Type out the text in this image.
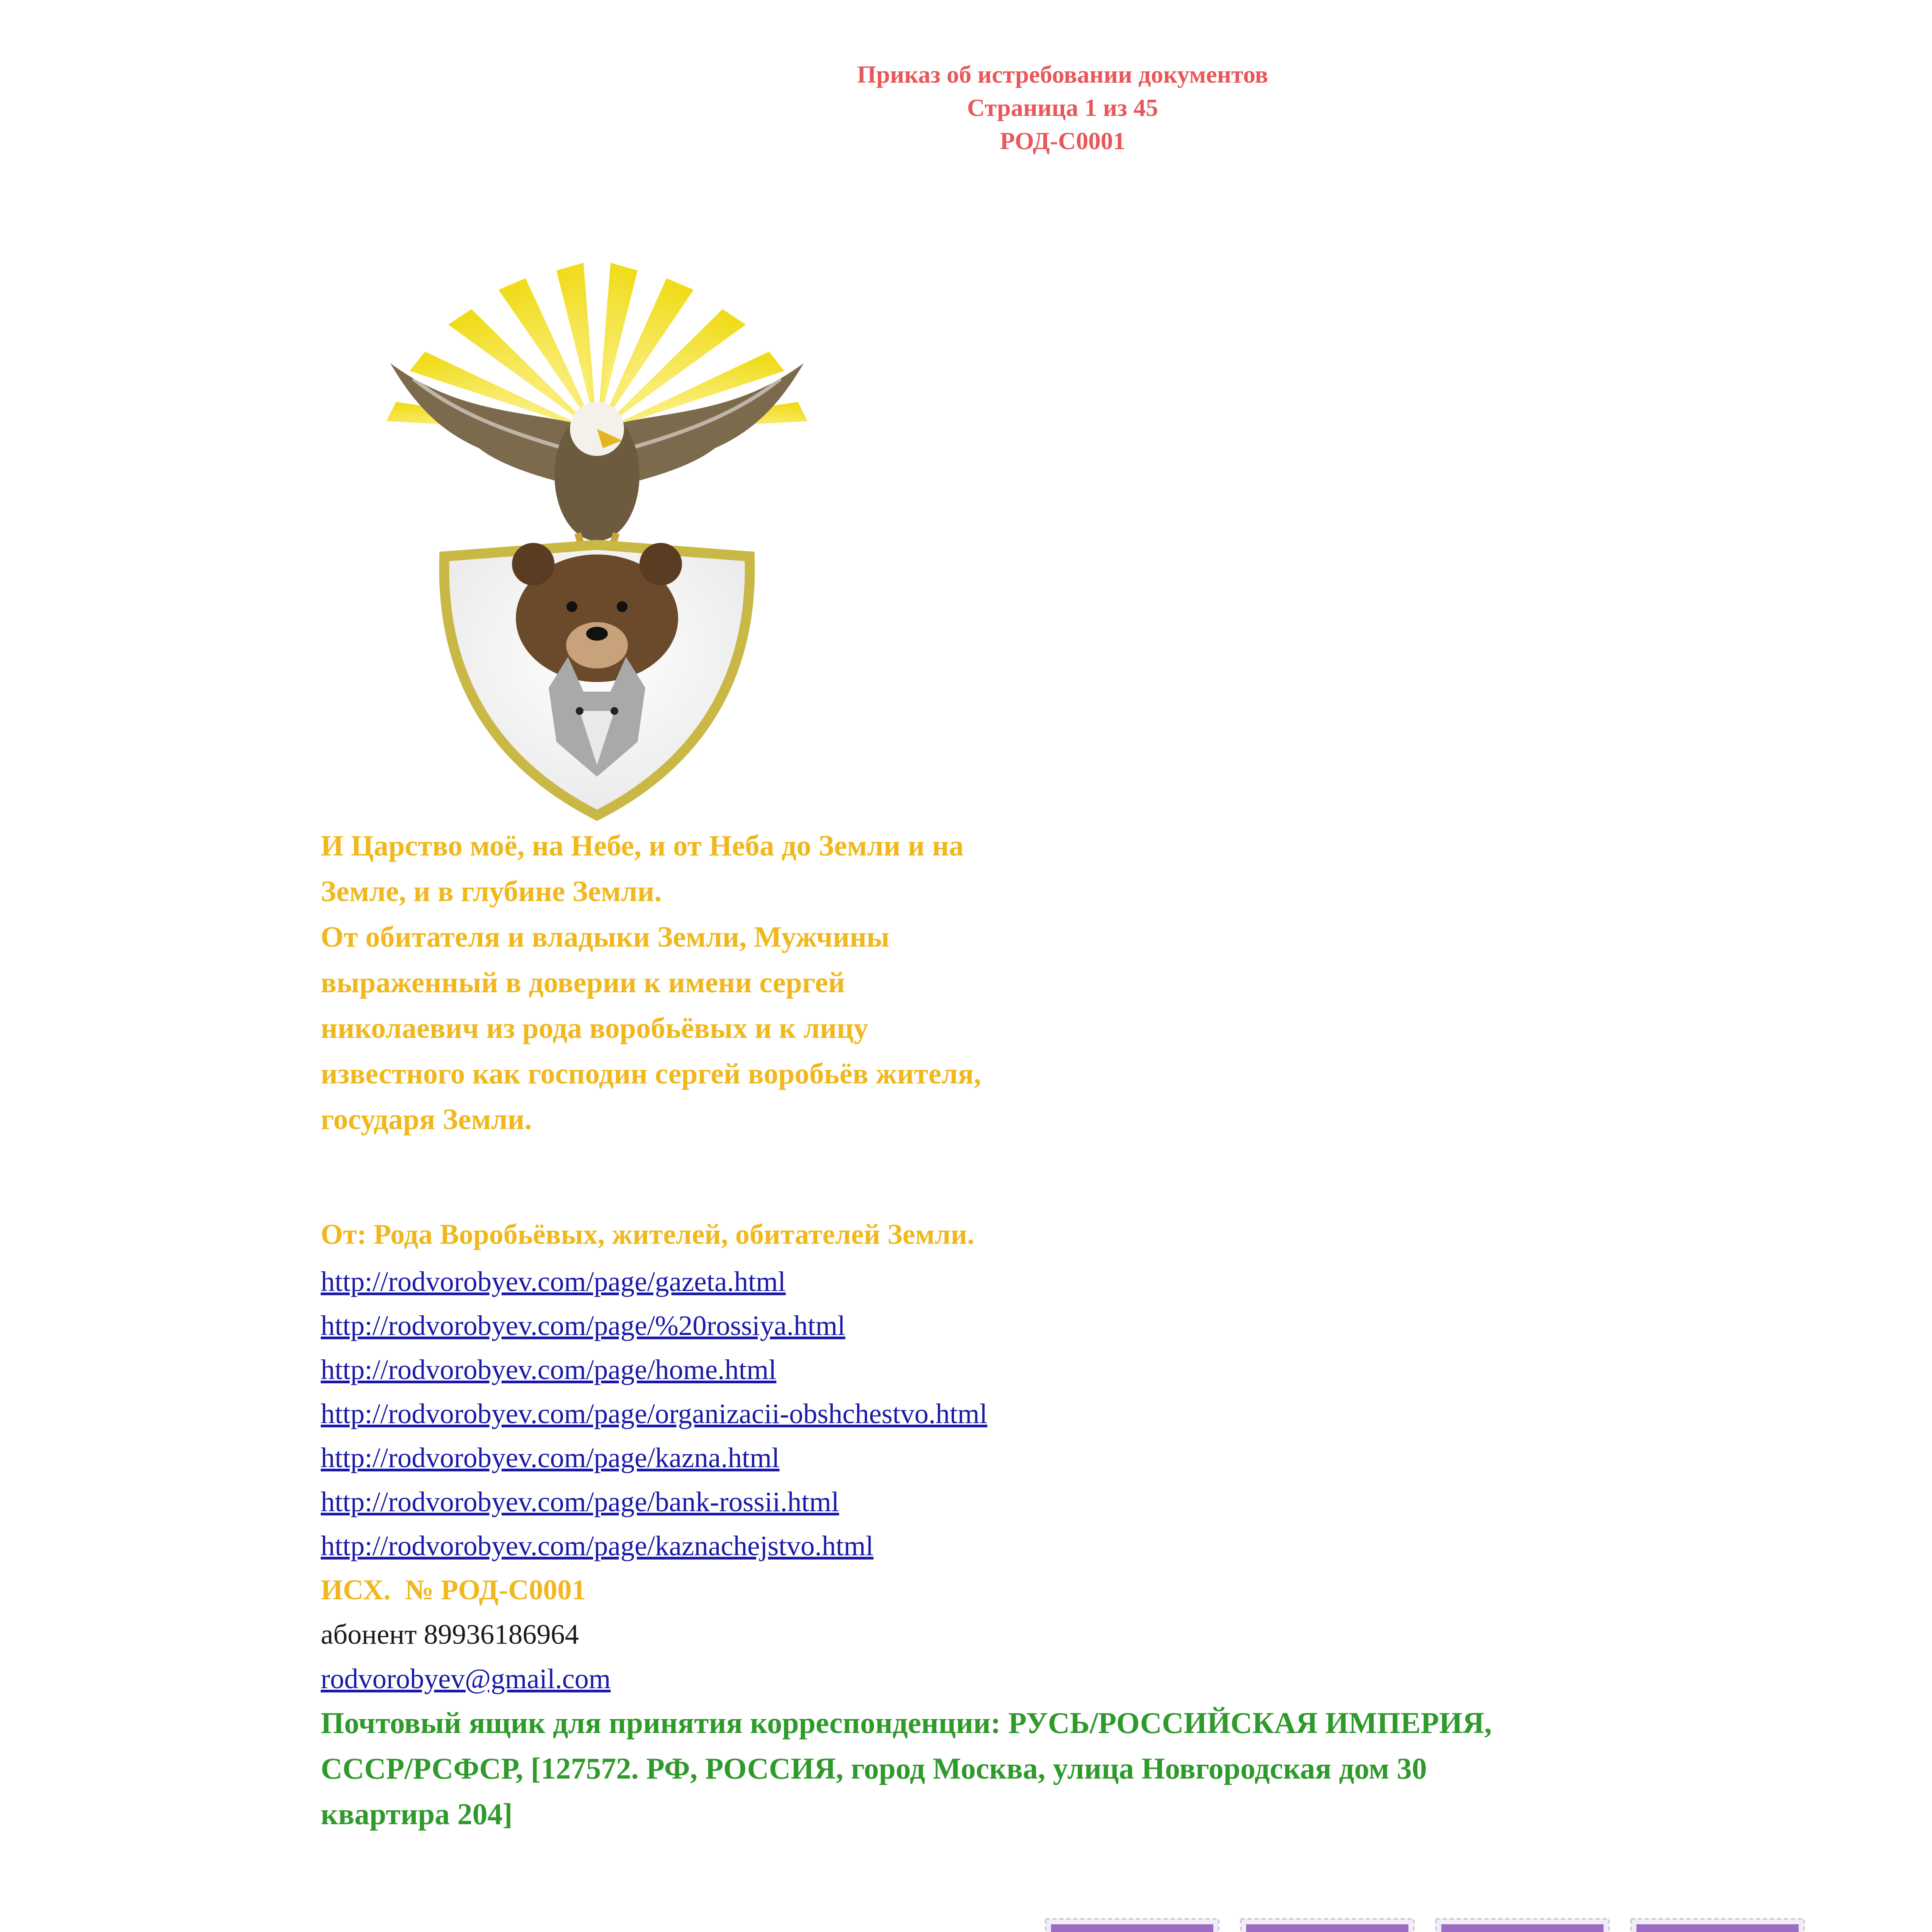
Приказ об истребовании документов
Страница 1 из 45
РОД-С0001
И Царство моё, на Небе, и от Неба до Земли и на
Земле, и в глубине Земли.
От обитателя и владыки Земли, Мужчины
выраженный в доверии к имени сергей
николаевич из рода воробьёвых и к лицу
известного как господин сергей воробьёв жителя,
государя Земли.
От: Рода Воробьёвых, жителей, обитателей Земли.
http://rodvorobyev.com/page/gazeta.html
http://rodvorobyev.com/page/%20rossiya.html
http://rodvorobyev.com/page/home.html
http://rodvorobyev.com/page/organizacii-obshchestvo.html
http://rodvorobyev.com/page/kazna.html
http://rodvorobyev.com/page/bank-rossii.html
http://rodvorobyev.com/page/kaznachejstvo.html
ИСХ.  № РОД-С0001
абонент 89936186964
rodvorobyev@gmail.com
Почтовый ящик для принятия корреспонденции: РУСЬ/РОССИЙСКАЯ ИМПЕРИЯ,
СССР/РСФСР, [127572. РФ, РОССИЯ, город Москва, улица Новгородская дом 30
квартира 204]
